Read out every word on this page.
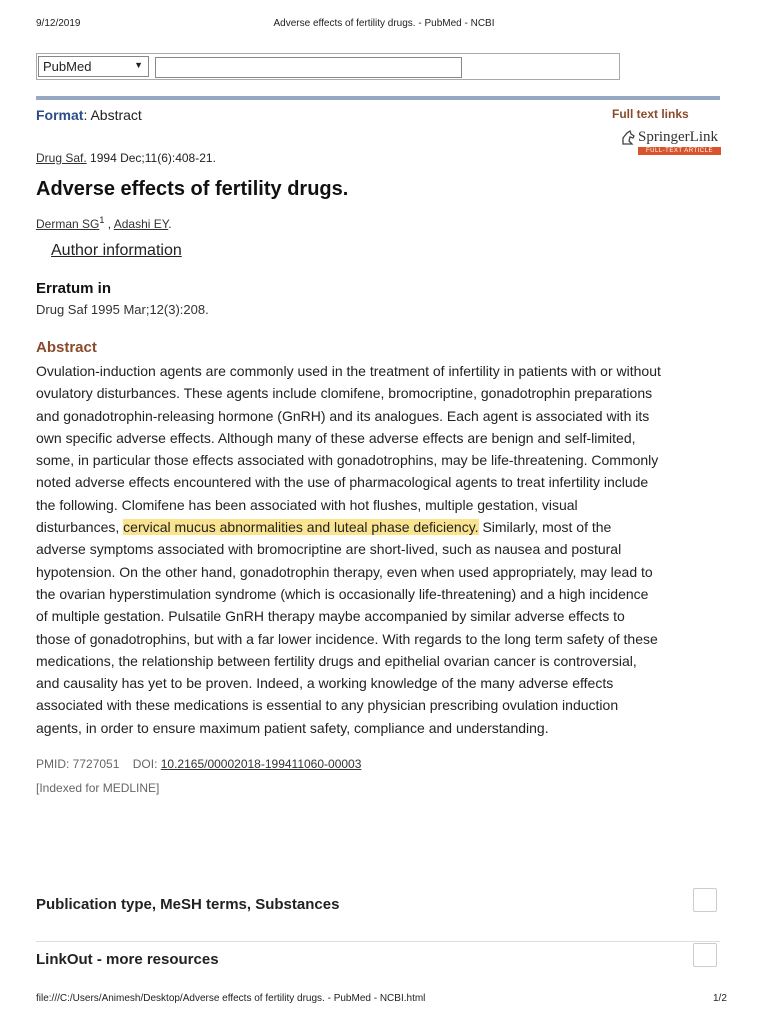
9/12/2019	Adverse effects of fertility drugs. - PubMed - NCBI
PubMed	▼
Format: Abstract	Full text links
SpringerLink
FULL-TEXT ARTICLE
Drug Saf. 1994 Dec;11(6):408-21.
Adverse effects of fertility drugs.
Derman $SG^1$ , Adashi EY.
Author information
Erratum in
Drug Saf 1995 Mar;12(3):208.
Abstract
Ovulation-induction agents are commonly used in the treatment of infertility in patients with or without
ovulatory disturbances. These agents include clomifene, bromocriptine, gonadotrophin preparations
and gonadotrophin-releasing hormone (GnRH) and its analogues. Each agent is associated with its
own specific adverse effects. Although many of these adverse effects are benign and self-limited,
some, in particular those effects associated with gonadotrophins, may be life-threatening. Commonly
noted adverse effects encountered with the use of pharmacological agents to treat infertility include
the following. Clomifene has been associated with hot flushes, multiple gestation, visual
disturbances, cervical mucus abnormalities and luteal phase deficiency. Similarly, most of the
adverse symptoms associated with bromocriptine are short-lived, such as nausea and postural
hypotension. On the other hand, gonadotrophin therapy, even when used appropriately, may lead to
the ovarian hyperstimulation syndrome (which is occasionally life-threatening) and a high incidence
of multiple gestation. Pulsatile GnRH therapy maybe accompanied by similar adverse effects to
those of gonadotrophins, but with a far lower incidence. With regards to the long term safety of these
medications, the relationship between fertility drugs and epithelial ovarian cancer is controversial,
and causality has yet to be proven. Indeed, a working knowledge of the many adverse effects
associated with these medications is essential to any physician prescribing ovulation induction
agents, in order to ensure maximum patient safety, compliance and understanding.
PMID: 7727051 DOI: 10.2165/00002018-199411060-00003
[Indexed for MEDLINE]
Publication type, MeSH terms, Substances
LinkOut - more resources
file:///C:/Users/Animesh/Desktop/Adverse effects of fertility drugs. - PubMed - NCBI.html	1/2
